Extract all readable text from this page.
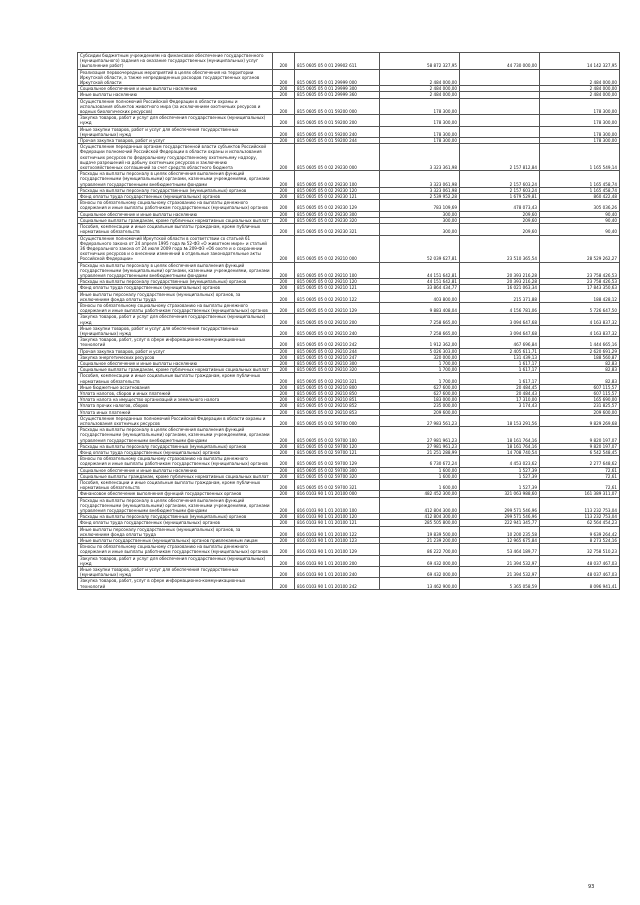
Субсидии бюджетным учреждениям на финансовое обеспечение государственного (муниципального) задания на оказание государственных (муниципальных) услуг (выполнение работ)	200	815 0605 05 0 01 29902 611	58 872 327,95	44 730 000,00	14 142 327,95
Реализация первоочередных мероприятий в целях обеспечения на территории Иркутской области, а также непредвиденных расходов государственных органов Иркутской области	200	815 0605 05 0 01 29999 000	2 484 000,00		2 484 000,00
Социальное обеспечение и иные выплаты населению	200	815 0605 05 0 01 29999 300	2 484 000,00		2 484 000,00
Иные выплаты населению	200	815 0605 05 0 01 29999 360	2 484 000,00		2 484 000,00
Осуществление полномочий Российской Федерации в области охраны и использования объектов животного мира (за исключением охотничьих ресурсов и водных биологических ресурсов)	200	815 0605 05 0 01 59200 000	178 300,00		178 300,00
Закупка товаров, работ и услуг для обеспечения государственных (муниципальных) нужд	200	815 0605 05 0 01 59200 200	178 300,00		178 300,00
Иные закупки товаров, работ и услуг для обеспечения государственных (муниципальных) нужд	200	815 0605 05 0 01 59200 240	178 300,00		178 300,00
Прочая закупка товаров, работ и услуг	200	815 0605 05 0 01 59200 244	178 300,00		178 300,00
Осуществление переданных органам государственной власти субъектов Российской Федерации полномочий Российской Федерации в области охраны и использования охотничьих ресурсов по федеральному государственному охотничьему надзору, выдаче разрешений на добычу охотничьих ресурсов и заключению охотхозяйственных соглашений за счет средств областного бюджета	200	815 0605 05 0 02 29230 000	3 323 361,98	2 157 812,84	1 165 549,14
Расходы на выплаты персоналу в целях обеспечения выполнения функций государственными (муниципальными) органами, казенными учреждениями, органами управления государственными внебюджетными фондами	200	815 0605 05 0 02 29230 100	3 323 061,98	2 157 603,24	1 165 458,74
Расходы на выплаты персоналу государственных (муниципальных) органов	200	815 0605 05 0 02 29230 120	3 323 061,98	2 157 603,24	1 165 458,74
Фонд оплаты труда государственных (муниципальных) органов	200	815 0605 05 0 02 29230 121	2 539 952,28	1 679 529,81	860 422,48
Взносы по обязательному социальному страхованию на выплаты денежного содержания и иные выплаты работникам государственных (муниципальных) органов	200	815 0605 05 0 02 29230 129	783 109,69	478 073,43	305 036,26
Социальное обеспечение и иные выплаты населению	200	815 0605 05 0 02 29230 300	300,00	209,60	90,40
Социальные выплаты гражданам, кроме публичных нормативных социальных выплат	200	815 0605 05 0 02 29230 320	300,00	209,60	90,40
Пособия, компенсации и иные социальные выплаты гражданам, кроме публичных нормативных обязательств	200	815 0605 05 0 02 29230 321	300,00	209,60	90,40
Осуществление полномочий Иркутской области в соответствии со статьей 61 Федерального закона от 24 апреля 1995 года № 52-ФЗ «О животном мире» и статьей 36 Федерального закона от 24 июля 2009 года № 209-ФЗ «Об охоте и о сохранении охотничьих ресурсов и о внесении изменений в отдельные законодательные акты Российской Федерации»	200	815 0605 05 0 02 29210 000	52 039 627,81	23 510 365,54	28 529 262,27
Расходы на выплаты персоналу в целях обеспечения выполнения функций государственными (муниципальными) органами, казенными учреждениями, органами управления государственными внебюджетными фондами	200	815 0605 05 0 02 29210 100	44 151 642,81	20 393 216,28	23 758 426,53
Расходы на выплаты персоналу государственных (муниципальных) органов	200	815 0605 05 0 02 29210 120	44 151 642,81	20 393 216,28	23 758 426,53
Фонд оплаты труда государственных (муниципальных) органов	200	815 0605 05 0 02 29210 121	33 864 434,77	16 021 063,34	17 843 350,63
Иные выплаты персоналу государственных (муниципальных) органов, за исключением фонда оплаты труда	200	815 0605 05 0 02 29210 122	403 800,00	215 371,88	188 428,12
Взносы по обязательному социальному страхованию на выплаты денежного содержания и иные выплаты работникам государственных (муниципальных) органов	200	815 0605 05 0 02 29210 129	9 883 408,04	4 156 781,06	5 726 647,50
Закупка товаров, работ и услуг для обеспечения государственных (муниципальных) нужд	200	815 0605 05 0 02 29210 200	7 258 665,00	3 094 647,68	4 163 837,32
Иные закупки товаров, работ и услуг для обеспечения государственных (муниципальных) нужд	200	815 0605 05 0 02 29210 240	7 258 665,00	3 094 647,68	4 163 837,32
Закупка товаров, работ, услуг в сфере информационно-коммуникационных технологий	200	815 0605 05 0 02 29210 242	1 912 362,00	467 696,84	1 444 665,16
Прочая закупка товаров, работ и услуг	200	815 0605 05 0 02 29210 244	5 026 303,00	2 405 611,71	2 620 691,29
Закупка энергетических ресурсов	200	815 0605 05 0 02 29210 247	320 000,00	131 439,13	188 560,87
Социальное обеспечение и иные выплаты населению	200	815 0605 05 0 02 29210 300	1 700,00	1 617,17	82,83
Социальные выплаты гражданам, кроме публичных нормативных социальных выплат	200	815 0605 05 0 02 29210 320	1 700,00	1 617,17	82,83
Пособия, компенсации и иные социальные выплаты гражданам, кроме публичных нормативных обязательств	200	815 0605 05 0 02 29210 321	1 700,00	1 617,17	82,83
Иные бюджетные ассигнования	200	815 0605 05 0 02 29210 800	627 600,00	20 484,45	607 115,57
Уплата налогов, сборов и иных платежей	200	815 0605 05 0 02 29210 850	627 600,00	20 484,43	607 115,57
Уплата налога на имущество организаций и земельного налога	200	815 0605 05 0 02 29210 851	183 000,00	17 310,00	165 690,00
Уплата прочих налогов, сборов	200	815 0605 05 0 02 29210 852	235 000,00	3 174,43	231 825,57
Уплата иных платежей	200	815 0605 05 0 02 29210 853	209 600,00		209 600,00
Осуществление переданных полномочий Российской Федерации в области охраны и использования охотничьих ресурсов	200	815 0605 05 0 02 59700 000	27 983 561,23	18 153 291,56	9 829 269,68
Расходы на выплаты персоналу в целях обеспечения выполнения функций государственными (муниципальными) органами, казенными учреждениями, органами управления государственными внебюджетными фондами	200	815 0605 05 0 02 59700 100	27 981 961,23	18 161 764,16	9 820 197,07
Расходы на выплаты персоналу государственных (муниципальных) органов	200	815 0605 05 0 02 59700 120	27 981 961,23	18 161 764,16	9 820 197,07
Фонд оплаты труда государственных (муниципальных) органов	200	815 0605 05 0 02 59700 121	21 251 288,99	14 708 740,54	6 542 548,45
Взносы по обязательному социальному страхованию на выплаты денежного содержания и иные выплаты работникам государственных (муниципальных) органов	200	815 0605 05 0 02 59700 129	6 730 672,24	4 453 023,62	2 277 648,62
Социальное обеспечение и иные выплаты населению	200	815 0605 05 0 02 59700 300	1 600,00	1 527,39	72,61
Социальные выплаты гражданам, кроме публичных нормативных социальных выплат	200	815 0605 05 0 02 59700 320	1 600,00	1 527,39	72,61
Пособия, компенсации и иные социальные выплаты гражданам, кроме публичных нормативных обязательств	200	815 0605 05 0 02 59700 321	1 600,00	1 527,39	72,61
Финансовое обеспечение выполнения функций государственных органов	200	816 0103 90 1 01 20100 000	482 452 300,00	321 063 988,60	161 389 311,07
Расходы на выплаты персоналу в целях обеспечения выполнения функций государственными (муниципальными) органами, казенными учреждениями, органами управления государственными внебюджетными фондами	200	816 0103 90 1 01 20100 100	412 804 300,00	299 571 546,96	113 232 753,04
Расходы на выплаты персоналу государственных (муниципальных) органов	200	816 0103 90 1 01 20100 120	412 804 300,00	299 571 546,96	113 232 753,04
Фонд оплаты труда государственных (муниципальных) органов	200	816 0103 90 1 01 20100 121	285 505 800,00	222 941 345,77	62 564 454,23
Иные выплаты персоналу государственных (муниципальных) органов, за исключением фонда оплаты труда	200	816 0103 90 1 01 20100 122	19 839 500,00	10 200 235,58	9 639 264,42
Иные выплаты государственных (муниципальных) органов привлекаемым лицам	200	816 0103 90 1 01 20100 123	21 239 200,00	12 965 675,84	8 273 524,16
Взносы по обязательному социальному страхованию на выплаты денежного содержания и иные выплаты работникам государственных (муниципальных) органов	200	816 0103 90 1 01 20100 129	86 222 700,00	53 464 189,77	32 758 510,23
Закупка товаров, работ и услуг для обеспечения государственных (муниципальных) нужд	200	816 0103 90 1 01 20100 200	69 432 000,00	21 394 532,97	48 037 467,03
Иные закупки товаров, работ и услуг для обеспечения государственных (муниципальных) нужд	200	816 0103 90 1 01 20100 240	69 432 000,00	21 394 532,97	48 037 467,03
Закупка товаров, работ, услуг в сфере информационно-коммуникационных технологий	200	816 0103 90 1 01 20100 242	13 462 900,00	5 365 058,59	8 096 941,41
93
